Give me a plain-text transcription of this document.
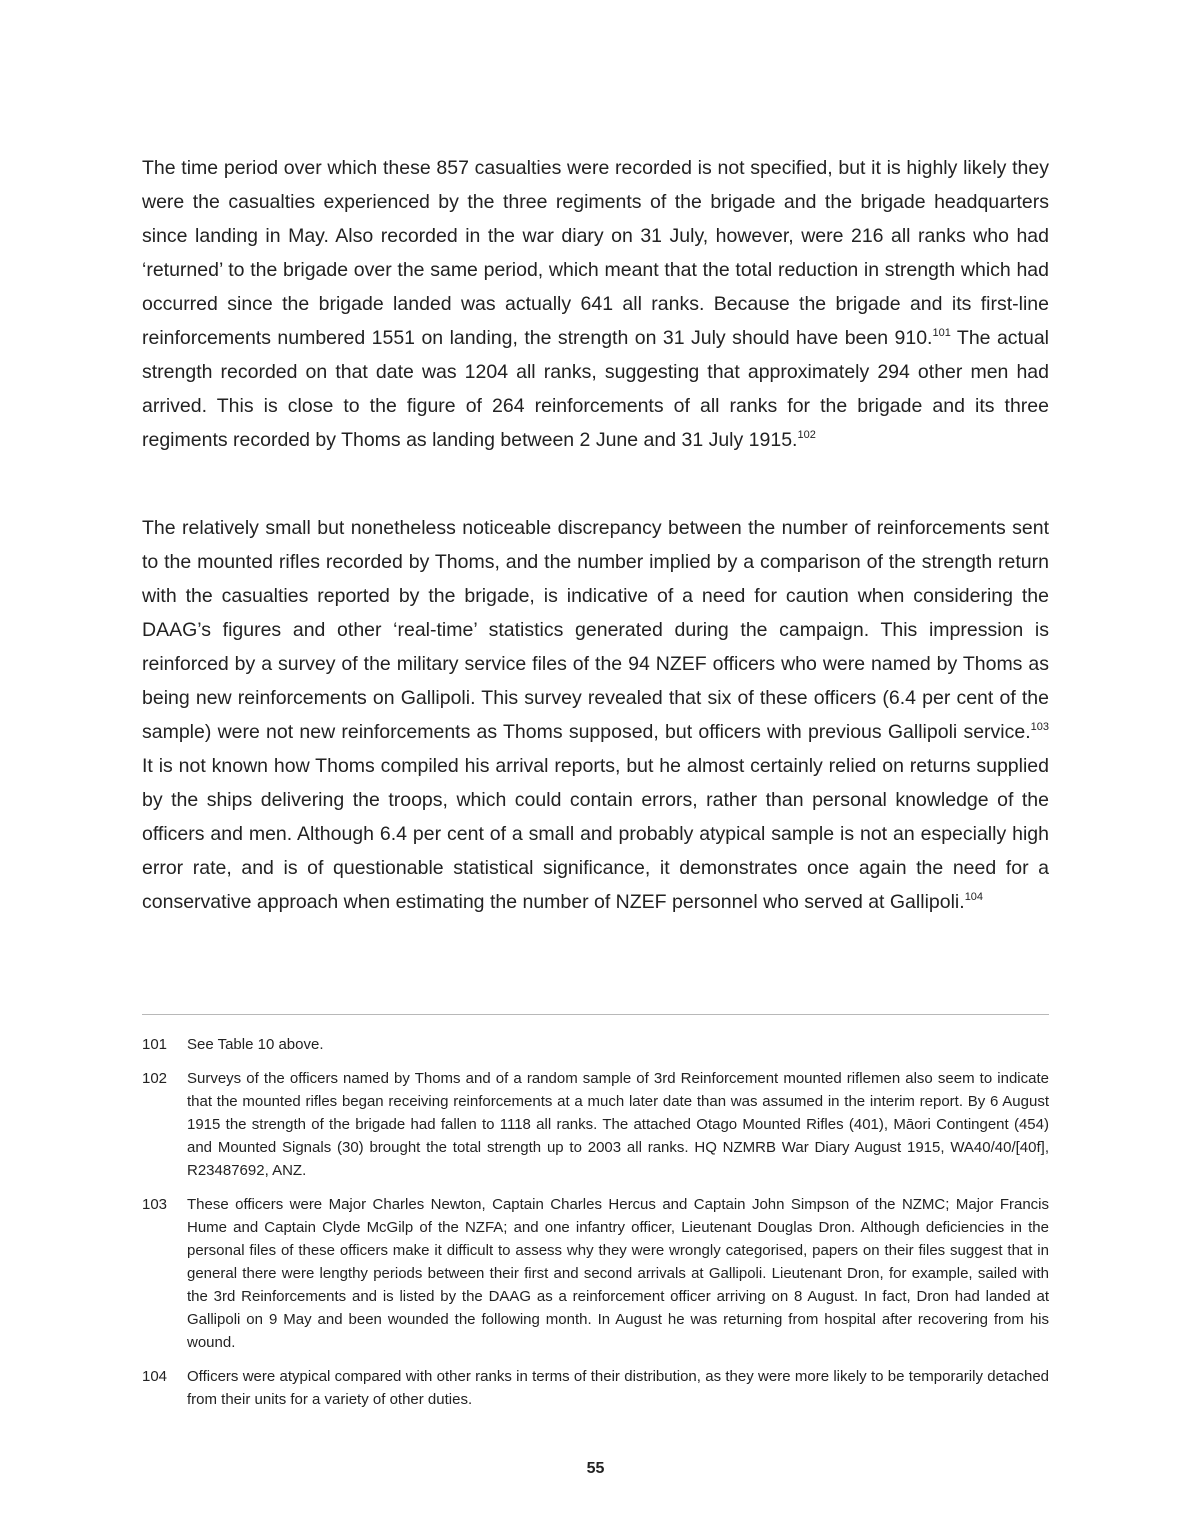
The time period over which these 857 casualties were recorded is not specified, but it is highly likely they were the casualties experienced by the three regiments of the brigade and the brigade headquarters since landing in May. Also recorded in the war diary on 31 July, however, were 216 all ranks who had ‘returned’ to the brigade over the same period, which meant that the total reduction in strength which had occurred since the brigade landed was actually 641 all ranks. Because the brigade and its first-line reinforcements numbered 1551 on landing, the strength on 31 July should have been 910.$^{101}$ The actual strength recorded on that date was 1204 all ranks, suggesting that approximately 294 other men had arrived. This is close to the figure of 264 reinforcements of all ranks for the brigade and its three regiments recorded by Thoms as landing between 2 June and 31 July 1915.$^{102}$

The relatively small but nonetheless noticeable discrepancy between the number of reinforcements sent to the mounted rifles recorded by Thoms, and the number implied by a comparison of the strength return with the casualties reported by the brigade, is indicative of a need for caution when considering the DAAG’s figures and other ‘real-time’ statistics generated during the campaign. This impression is reinforced by a survey of the military service files of the 94 NZEF officers who were named by Thoms as being new reinforcements on Gallipoli. This survey revealed that six of these officers (6.4 per cent of the sample) were not new reinforcements as Thoms supposed, but officers with previous Gallipoli service.$^{103}$ It is not known how Thoms compiled his arrival reports, but he almost certainly relied on returns supplied by the ships delivering the troops, which could contain errors, rather than personal knowledge of the officers and men. Although 6.4 per cent of a small and probably atypical sample is not an especially high error rate, and is of questionable statistical significance, it demonstrates once again the need for a conservative approach when estimating the number of NZEF personnel who served at Gallipoli.$^{104}$

101 See Table 10 above.
102 Surveys of the officers named by Thoms and of a random sample of 3rd Reinforcement mounted riflemen also seem to indicate that the mounted rifles began receiving reinforcements at a much later date than was assumed in the interim report. By 6 August 1915 the strength of the brigade had fallen to 1118 all ranks. The attached Otago Mounted Rifles (401), Māori Contingent (454) and Mounted Signals (30) brought the total strength up to 2003 all ranks. HQ NZMRB War Diary August 1915, WA40/40/[40f], R23487692, ANZ.
103 These officers were Major Charles Newton, Captain Charles Hercus and Captain John Simpson of the NZMC; Major Francis Hume and Captain Clyde McGilp of the NZFA; and one infantry officer, Lieutenant Douglas Dron. Although deficiencies in the personal files of these officers make it difficult to assess why they were wrongly categorised, papers on their files suggest that in general there were lengthy periods between their first and second arrivals at Gallipoli. Lieutenant Dron, for example, sailed with the 3rd Reinforcements and is listed by the DAAG as a reinforcement officer arriving on 8 August. In fact, Dron had landed at Gallipoli on 9 May and been wounded the following month. In August he was returning from hospital after recovering from his wound.
104 Officers were atypical compared with other ranks in terms of their distribution, as they were more likely to be temporarily detached from their units for a variety of other duties.
55
